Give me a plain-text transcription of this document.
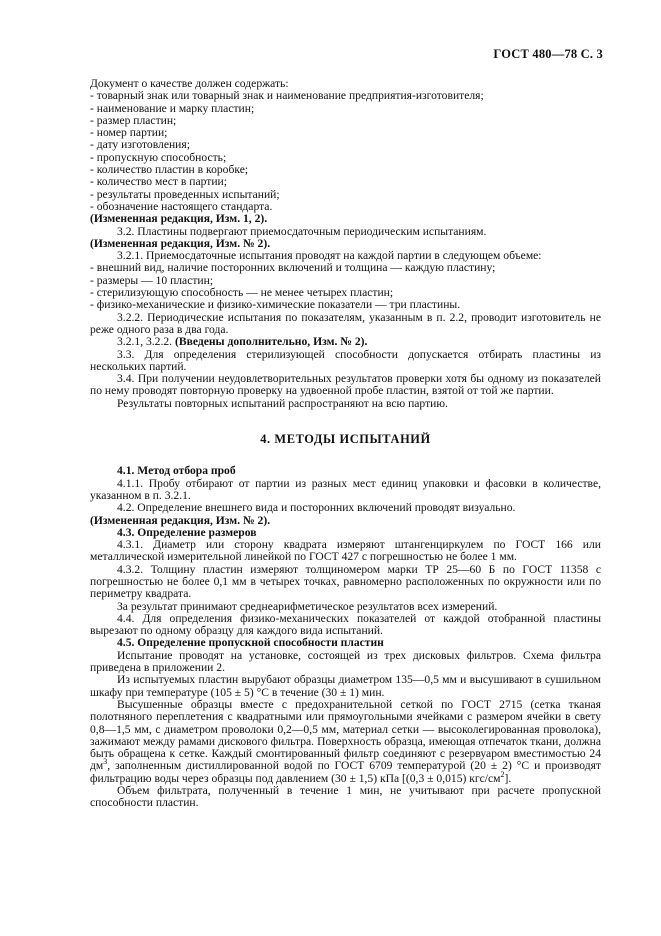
ГОСТ 480—78 С. 3

Документ о качестве должен содержать:

- товарный знак или товарный знак и наименование предприятия-изготовителя;

- наименование и марку пластин;

- размер пластин;

- номер партии;

- дату изготовления;

- пропускную способность;

- количество пластин в коробке;

- количество мест в партии;

- результаты проведенных испытаний;

- обозначение настоящего стандарта.

(Измененная редакция, Изм. 1, 2).

3.2. Пластины подвергают приемосдаточным периодическим испытаниям.

(Измененная редакция, Изм. № 2).

3.2.1. Приемосдаточные испытания проводят на каждой партии в следующем объеме:

- внешний вид, наличие посторонних включений и толщина — каждую пластину;

- размеры — 10 пластин;

- стерилизующую способность — не менее четырех пластин;

- физико-механические и физико-химические показатели — три пластины.

3.2.2. Периодические испытания по показателям, указанным в п. 2.2, проводит изготовитель не реже одного раза в два года.

3.2.1, 3.2.2. (Введены дополнительно, Изм. № 2).

3.3. Для определения стерилизующей способности допускается отбирать пластины из нескольких партий.

3.4. При получении неудовлетворительных результатов проверки хотя бы одному из показателей по нему проводят повторную проверку на удвоенной пробе пластин, взятой от той же партии.

Результаты повторных испытаний распространяют на всю партию.

4. МЕТОДЫ ИСПЫТАНИЙ

4.1. Метод отбора проб

4.1.1. Пробу отбирают от партии из разных мест единиц упаковки и фасовки в количестве, указанном в п. 3.2.1.

4.2. Определение внешнего вида и посторонних включений проводят визуально.

(Измененная редакция, Изм. № 2).

4.3. Определение размеров

4.3.1. Диаметр или сторону квадрата измеряют штангенциркулем по ГОСТ 166 или металлической измерительной линейкой по ГОСТ 427 с погрешностью не более 1 мм.

4.3.2. Толщину пластин измеряют толщиномером марки ТР 25—60 Б по ГОСТ 11358 с погрешностью не более 0,1 мм в четырех точках, равномерно расположенных по окружности или по периметру квадрата.

За результат принимают среднеарифметическое результатов всех измерений.

4.4. Для определения физико-механических показателей от каждой отобранной пластины вырезают по одному образцу для каждого вида испытаний.

4.5. Определение пропускной способности пластин

Испытание проводят на установке, состоящей из трех дисковых фильтров. Схема фильтра приведена в приложении 2.

Из испытуемых пластин вырубают образцы диаметром 135—0,5 мм и высушивают в сушильном шкафу при температуре (105 ± 5) °С в течение (30 ± 1) мин.

Высушенные образцы вместе с предохранительной сеткой по ГОСТ 2715 (сетка тканая полотняного переплетения с квадратными или прямоугольными ячейками с размером ячейки в свету 0,8—1,5 мм, с диаметром проволоки 0,2—0,5 мм, материал сетки — высоколегированная проволока), зажимают между рамами дискового фильтра. Поверхность образца, имеющая отпечаток ткани, должна быть обращена к сетке. Каждый смонтированный фильтр соединяют с резервуаром вместимостью 24 $дм^3$, заполненным дистиллированной водой по ГОСТ 6709 температурой (20 ± 2) °С и производят фильтрацию воды через образцы под давлением (30 ± 1,5) кПа [(0,3 ± 0,015) кгс/$см^2$].

Объем фильтрата, полученный в течение 1 мин, не учитывают при расчете пропускной способности пластин.
